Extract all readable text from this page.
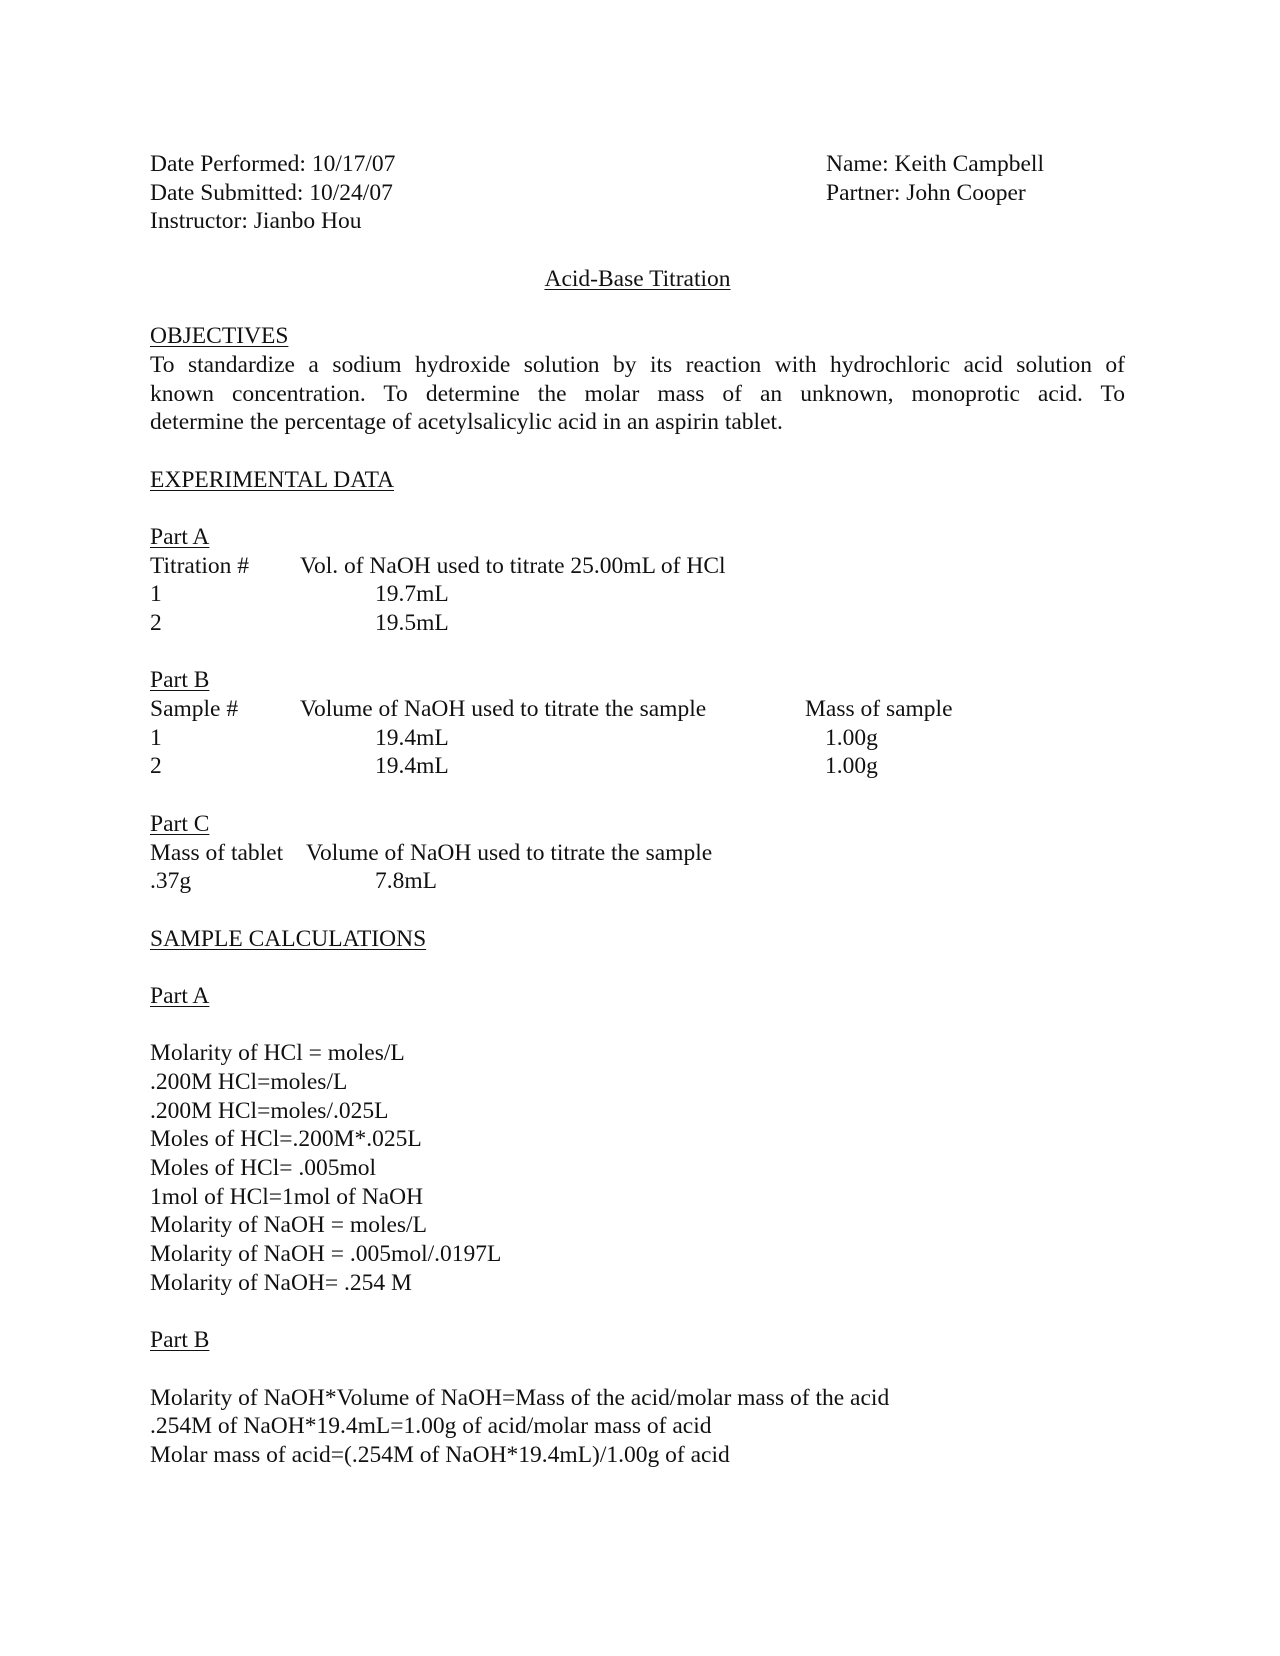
Date Performed: 10/17/07	Name: Keith Campbell
Date Submitted: 10/24/07	Partner: John Cooper
Instructor: Jianbo Hou
Acid-Base Titration
OBJECTIVES
To standardize a sodium hydroxide solution by its reaction with hydrochloric acid solution of
known concentration. To determine the molar mass of an unknown, monoprotic acid. To
determine the percentage of acetylsalicylic acid in an aspirin tablet.
EXPERIMENTAL DATA
Part A
Titration # Vol. of NaOH used to titrate 25.00mL of HCl
1	19.7mL
2	19.5mL
Part B
Sample #	Volume of NaOH used to titrate the sample	Mass of sample
1	19.4mL	1.00g
2	19.4mL	1.00g
Part C
Mass of tablet Volume of NaOH used to titrate the sample
.37g	7.8mL
SAMPLE CALCULATIONS
Part A
Molarity of HCl = moles/L
.200M HCl=moles/L
.200M HCl=moles/.025L
Moles of HCl=.200M*.025L
Moles of HCl= .005mol
1mol of HCl=1mol of NaOH
Molarity of NaOH = moles/L
Molarity of NaOH = .005mol/.0197L
Molarity of NaOH= .254 M
Part B
Molarity of NaOH*Volume of NaOH=Mass of the acid/molar mass of the acid
.254M of NaOH*19.4mL=1.00g of acid/molar mass of acid
Molar mass of acid=(.254M of NaOH*19.4mL)/1.00g of acid
